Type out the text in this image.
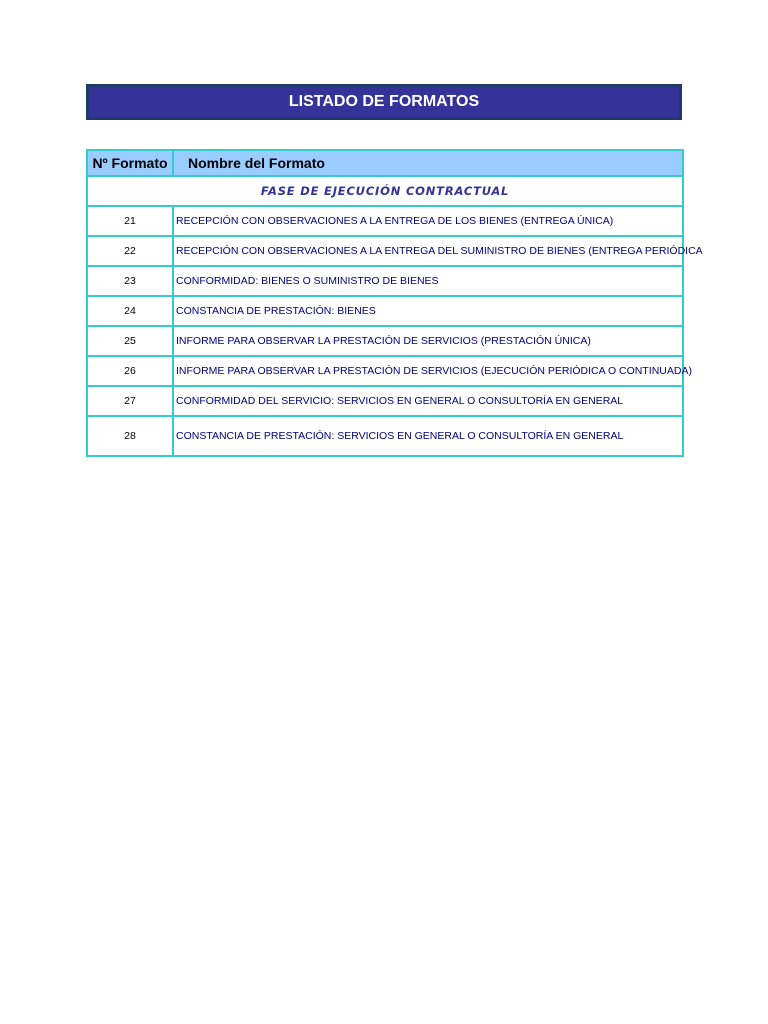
LISTADO DE FORMATOS
Nº Formato	Nombre del Formato
FASE DE EJECUCIÓN CONTRACTUAL	
21	RECEPCIÓN CON OBSERVACIONES A LA ENTREGA DE LOS BIENES (ENTREGA ÚNICA)
22	RECEPCIÓN CON OBSERVACIONES A LA ENTREGA DEL SUMINISTRO DE BIENES (ENTREGA PERIÓDICA
23	CONFORMIDAD: BIENES O SUMINISTRO DE BIENES
24	CONSTANCIA DE PRESTACIÓN: BIENES
25	INFORME PARA OBSERVAR LA PRESTACIÓN DE SERVICIOS (PRESTACIÓN ÚNICA)
26	INFORME PARA OBSERVAR LA PRESTACIÓN DE SERVICIOS (EJECUCIÓN PERIÓDICA O CONTINUADA)
27	CONFORMIDAD DEL SERVICIO: SERVICIOS EN GENERAL O CONSULTORÍA EN GENERAL
28	CONSTANCIA DE PRESTACIÓN: SERVICIOS EN GENERAL O CONSULTORÍA EN GENERAL
